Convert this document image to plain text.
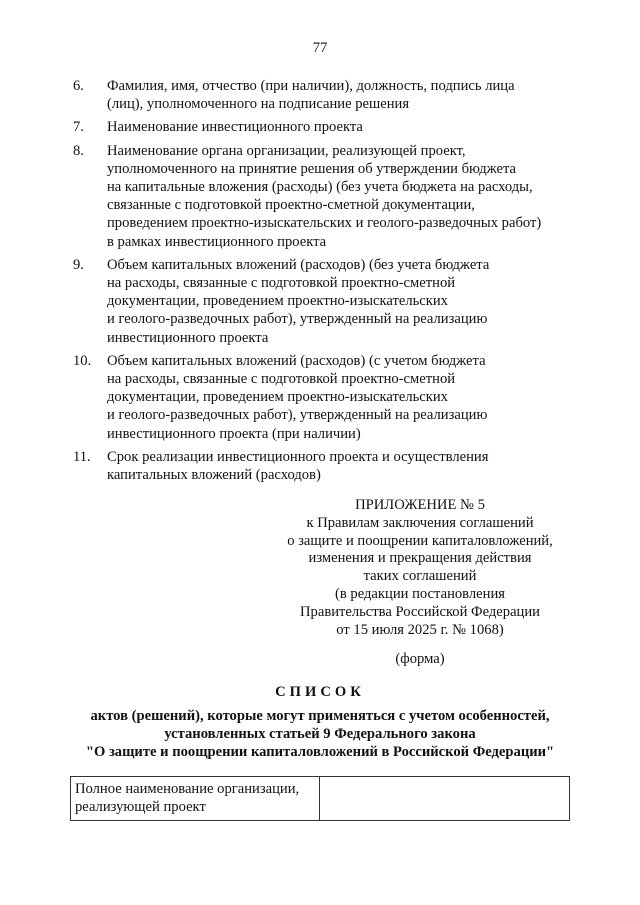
77
6.	Фамилия, имя, отчество (при наличии), должность, подпись лица
(лиц), уполномоченного на подписание решения
7.	Наименование инвестиционного проекта
8.	Наименование органа организации, реализующей проект,
уполномоченного на принятие решения об утверждении бюджета
на капитальные вложения (расходы) (без учета бюджета на расходы,
связанные с подготовкой проектно-сметной документации,
проведением проектно-изыскательских и геолого-разведочных работ)
в рамках инвестиционного проекта
9.	Объем капитальных вложений (расходов) (без учета бюджета
на расходы, связанные с подготовкой проектно-сметной
документации, проведением проектно-изыскательских
и геолого-разведочных работ), утвержденный на реализацию
инвестиционного проекта
10.	Объем капитальных вложений (расходов) (с учетом бюджета
на расходы, связанные с подготовкой проектно-сметной
документации, проведением проектно-изыскательских
и геолого-разведочных работ), утвержденный на реализацию
инвестиционного проекта (при наличии)
11.	Срок реализации инвестиционного проекта и осуществления
капитальных вложений (расходов)
ПРИЛОЖЕНИЕ № 5
к Правилам заключения соглашений
о защите и поощрении капиталовложений,
изменения и прекращения действия
таких соглашений
(в редакции постановления
Правительства Российской Федерации
от 15 июля 2025 г. № 1068)
(форма)
СПИСОК
актов (решений), которые могут применяться с учетом особенностей,
установленных статьей 9 Федерального закона
"О защите и поощрении капиталовложений в Российской Федерации"
Полное наименование организации,
реализующей проект
